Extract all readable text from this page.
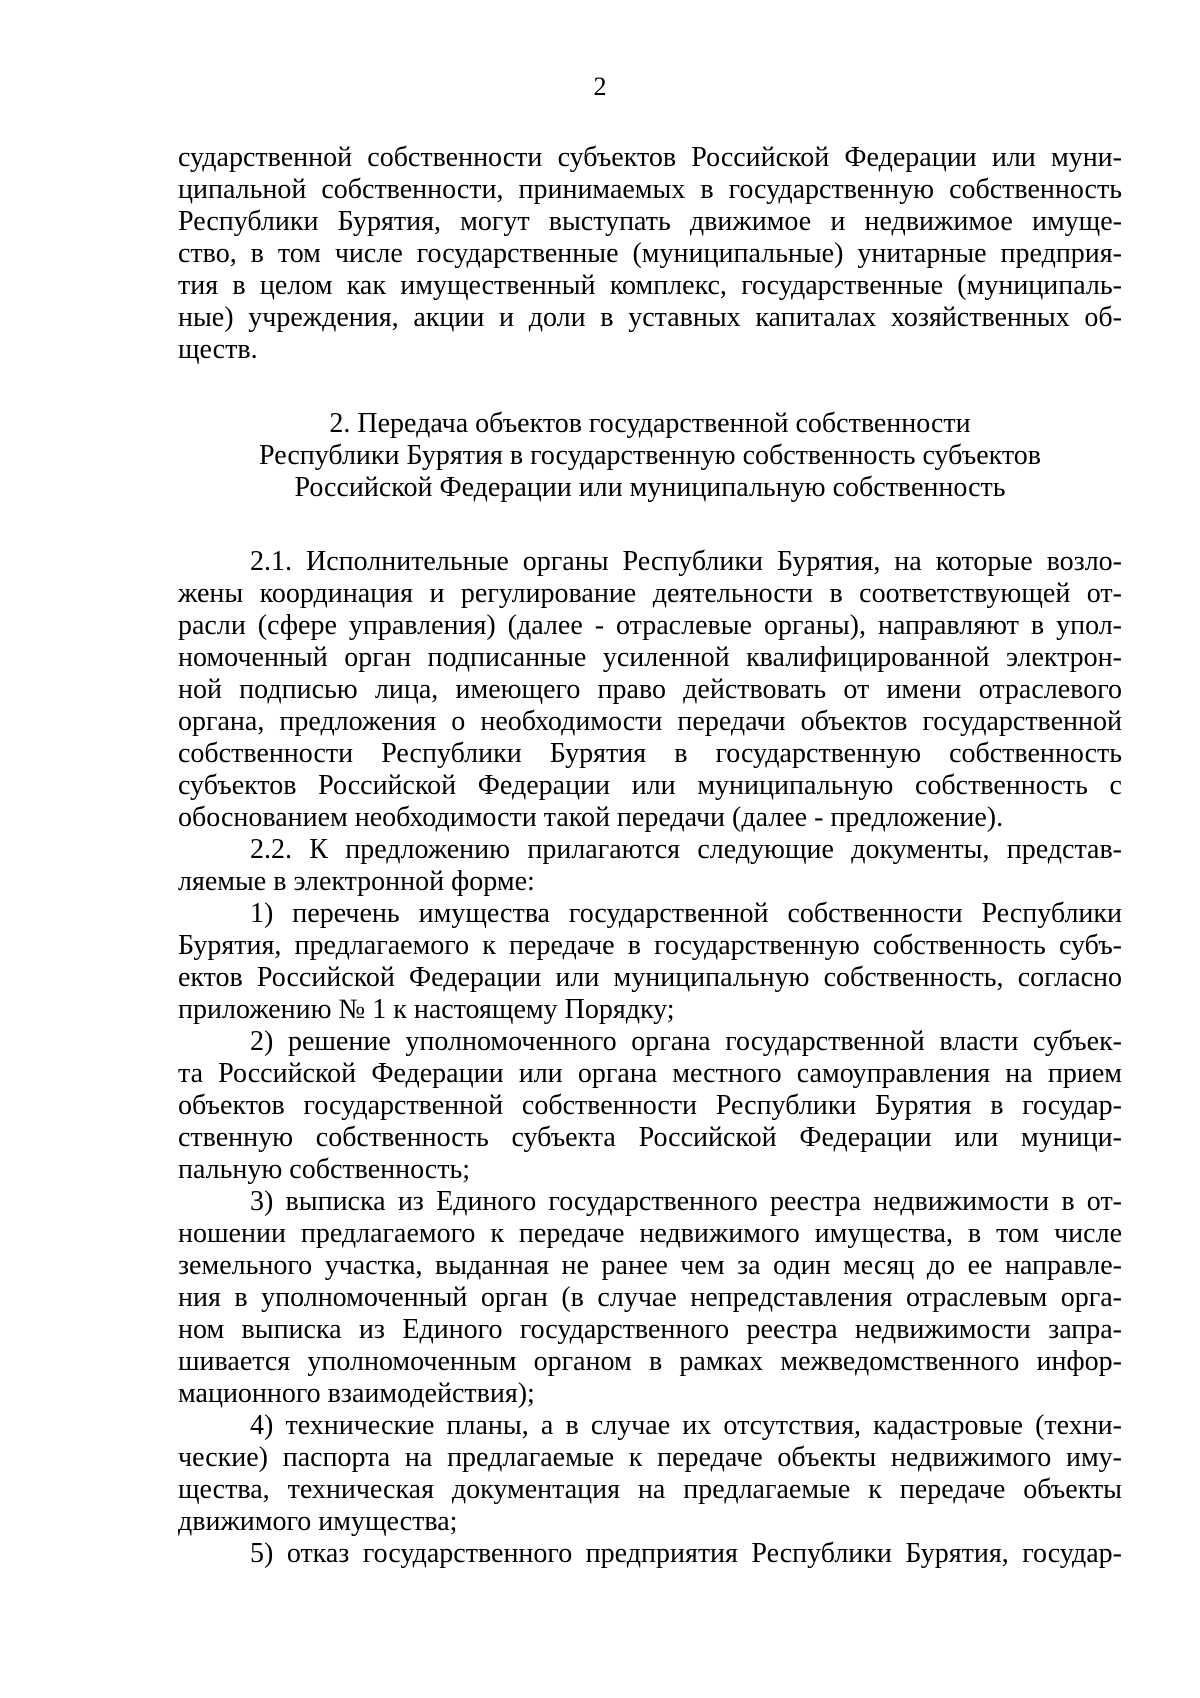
2
сударственной собственности субъектов Российской Федерации или муни-
ципальной собственности, принимаемых в государственную собственность
Республики Бурятия, могут выступать движимое и недвижимое имуще-
ство, в том числе государственные (муниципальные) унитарные предприя-
тия в целом как имущественный комплекс, государственные (муниципаль-
ные) учреждения, акции и доли в уставных капиталах хозяйственных об-
ществ.
2. Передача объектов государственной собственности
Республики Бурятия в государственную собственность субъектов
Российской Федерации или муниципальную собственность
2.1. Исполнительные органы Республики Бурятия, на которые возло-
жены координация и регулирование деятельности в соответствующей от-
расли (сфере управления) (далее - отраслевые органы), направляют в упол-
номоченный орган подписанные усиленной квалифицированной электрон-
ной подписью лица, имеющего право действовать от имени отраслевого
органа, предложения о необходимости передачи объектов государственной
собственности Республики Бурятия в государственную собственность
субъектов Российской Федерации или муниципальную собственность с
обоснованием необходимости такой передачи (далее - предложение).
2.2. К предложению прилагаются следующие документы, представ-
ляемые в электронной форме:
1) перечень имущества государственной собственности Республики
Бурятия, предлагаемого к передаче в государственную собственность субъ-
ектов Российской Федерации или муниципальную собственность, согласно
приложению № 1 к настоящему Порядку;
2) решение уполномоченного органа государственной власти субъек-
та Российской Федерации или органа местного самоуправления на прием
объектов государственной собственности Республики Бурятия в государ-
ственную собственность субъекта Российской Федерации или муници-
пальную собственность;
3) выписка из Единого государственного реестра недвижимости в от-
ношении предлагаемого к передаче недвижимого имущества, в том числе
земельного участка, выданная не ранее чем за один месяц до ее направле-
ния в уполномоченный орган (в случае непредставления отраслевым орга-
ном выписка из Единого государственного реестра недвижимости запра-
шивается уполномоченным органом в рамках межведомственного инфор-
мационного взаимодействия);
4) технические планы, а в случае их отсутствия, кадастровые (техни-
ческие) паспорта на предлагаемые к передаче объекты недвижимого иму-
щества, техническая документация на предлагаемые к передаче объекты
движимого имущества;
5) отказ государственного предприятия Республики Бурятия, государ-
